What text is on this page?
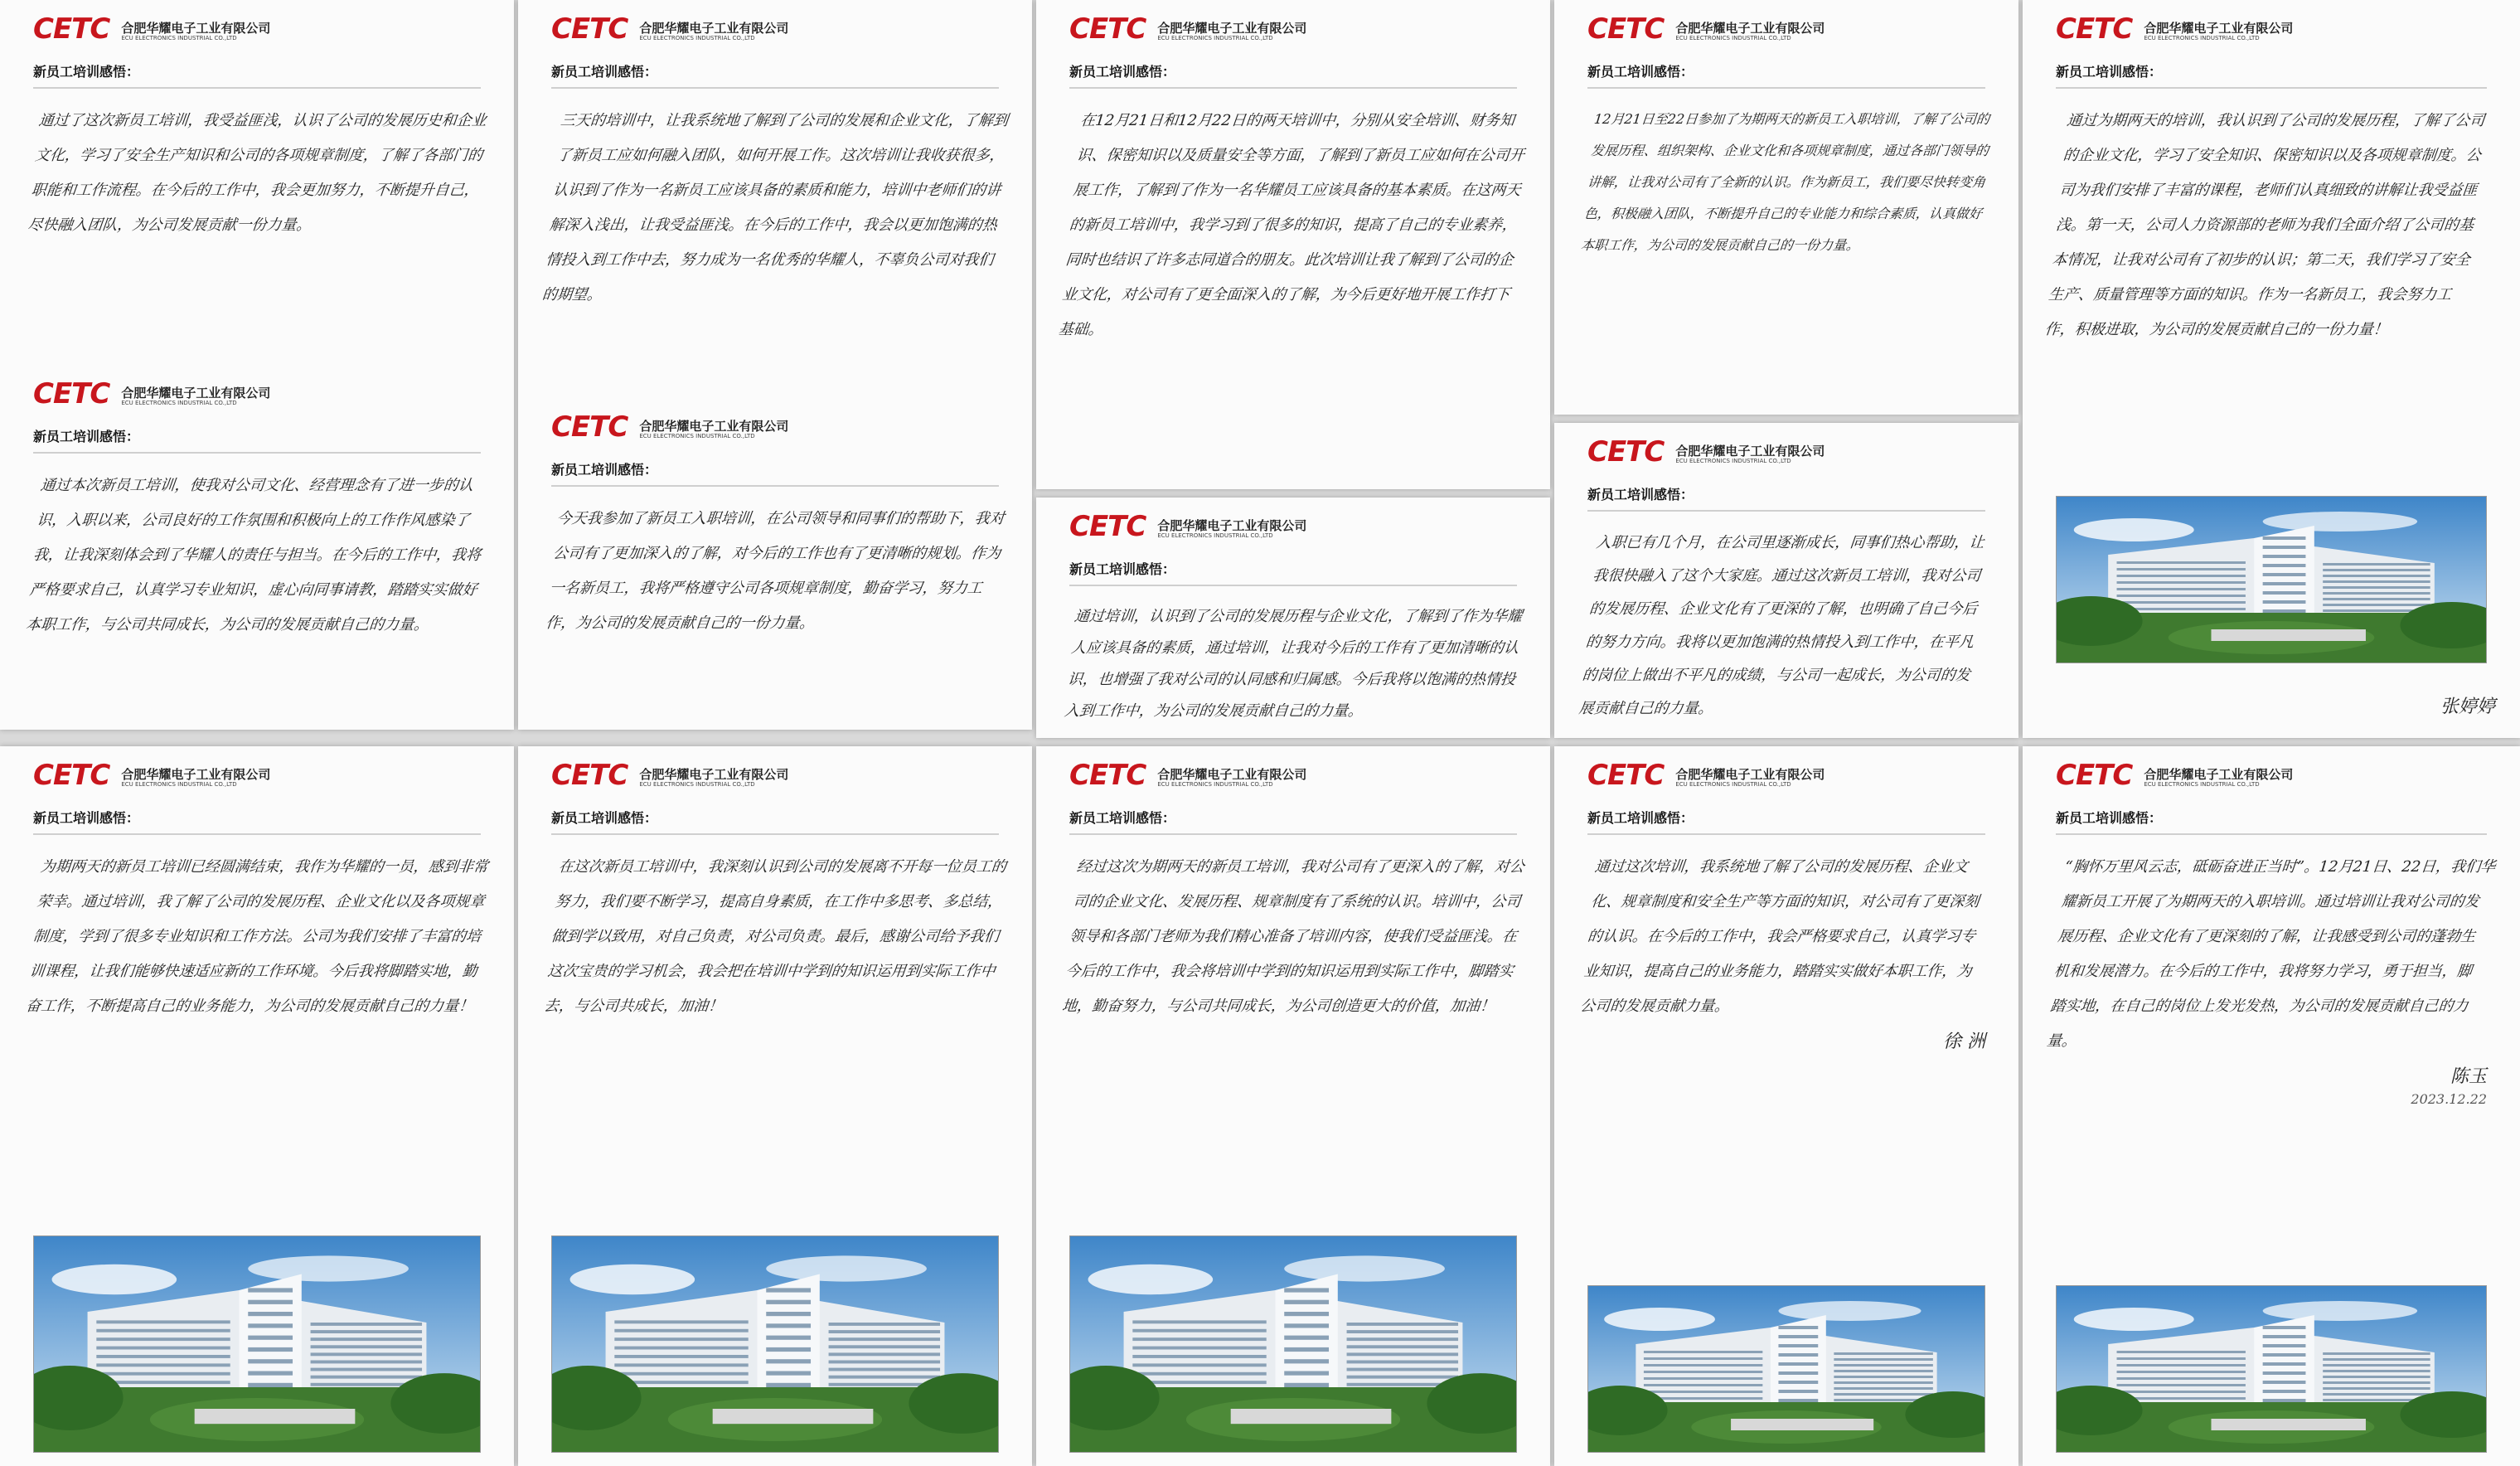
CETC 合肥华耀电子工业有限公司
ECU ELECTRONICS INDUSTRIAL CO.,LTD
新员工培训感悟：
通过了这次新员工培训，我受益匪浅，认识了公司的发展历史和企业文化，学习了安全生产知识和公司的各项规章制度，了解了各部门的职能和工作流程。在今后的工作中，我会更加努力，不断提升自己，尽快融入团队，为公司发展贡献一份力量。
CETC 合肥华耀电子工业有限公司
ECU ELECTRONICS INDUSTRIAL CO.,LTD
新员工培训感悟：
通过本次新员工培训，使我对公司文化、经营理念有了进一步的认识，入职以来，公司良好的工作氛围和积极向上的工作作风感染了我，让我深刻体会到了华耀人的责任与担当。在今后的工作中，我将严格要求自己，认真学习专业知识，虚心向同事请教，踏踏实实做好本职工作，与公司共同成长，为公司的发展贡献自己的力量。
CETC 合肥华耀电子工业有限公司
ECU ELECTRONICS INDUSTRIAL CO.,LTD
新员工培训感悟：
为期两天的新员工培训已经圆满结束，我作为华耀的一员，感到非常荣幸。通过培训，我了解了公司的发展历程、企业文化以及各项规章制度，学到了很多专业知识和工作方法。公司为我们安排了丰富的培训课程，让我们能够快速适应新的工作环境。今后我将脚踏实地，勤奋工作，不断提高自己的业务能力，为公司的发展贡献自己的力量！
CETC 合肥华耀电子工业有限公司
ECU ELECTRONICS INDUSTRIAL CO.,LTD
新员工培训感悟：
三天的培训中，让我系统地了解到了公司的发展和企业文化，了解到了新员工应如何融入团队，如何开展工作。这次培训让我收获很多，认识到了作为一名新员工应该具备的素质和能力，培训中老师们的讲解深入浅出，让我受益匪浅。在今后的工作中，我会以更加饱满的热情投入到工作中去，努力成为一名优秀的华耀人，不辜负公司对我们的期望。
CETC 合肥华耀电子工业有限公司
ECU ELECTRONICS INDUSTRIAL CO.,LTD
新员工培训感悟：
今天我参加了新员工入职培训，在公司领导和同事们的帮助下，我对公司有了更加深入的了解，对今后的工作也有了更清晰的规划。作为一名新员工，我将严格遵守公司各项规章制度，勤奋学习，努力工作，为公司的发展贡献自己的一份力量。
CETC 合肥华耀电子工业有限公司
ECU ELECTRONICS INDUSTRIAL CO.,LTD
新员工培训感悟：
在这次新员工培训中，我深刻认识到公司的发展离不开每一位员工的努力，我们要不断学习，提高自身素质，在工作中多思考、多总结，做到学以致用，对自己负责，对公司负责。最后，感谢公司给予我们这次宝贵的学习机会，我会把在培训中学到的知识运用到实际工作中去，与公司共成长，加油！
CETC 合肥华耀电子工业有限公司
ECU ELECTRONICS INDUSTRIAL CO.,LTD
新员工培训感悟：
在12月21日和12月22日的两天培训中，分别从安全培训、财务知识、保密知识以及质量安全等方面，了解到了新员工应如何在公司开展工作，了解到了作为一名华耀员工应该具备的基本素质。在这两天的新员工培训中，我学习到了很多的知识，提高了自己的专业素养，同时也结识了许多志同道合的朋友。此次培训让我了解到了公司的企业文化，对公司有了更全面深入的了解，为今后更好地开展工作打下基础。
CETC 合肥华耀电子工业有限公司
ECU ELECTRONICS INDUSTRIAL CO.,LTD
新员工培训感悟：
通过培训，认识到了公司的发展历程与企业文化，了解到了作为华耀人应该具备的素质，通过培训，让我对今后的工作有了更加清晰的认识，也增强了我对公司的认同感和归属感。今后我将以饱满的热情投入到工作中，为公司的发展贡献自己的力量。
CETC 合肥华耀电子工业有限公司
ECU ELECTRONICS INDUSTRIAL CO.,LTD
新员工培训感悟：
经过这次为期两天的新员工培训，我对公司有了更深入的了解，对公司的企业文化、发展历程、规章制度有了系统的认识。培训中，公司领导和各部门老师为我们精心准备了培训内容，使我们受益匪浅。在今后的工作中，我会将培训中学到的知识运用到实际工作中，脚踏实地，勤奋努力，与公司共同成长，为公司创造更大的价值，加油！
CETC 合肥华耀电子工业有限公司
ECU ELECTRONICS INDUSTRIAL CO.,LTD
新员工培训感悟：
12月21日至22日参加了为期两天的新员工入职培训，了解了公司的发展历程、组织架构、企业文化和各项规章制度，通过各部门领导的讲解，让我对公司有了全新的认识。作为新员工，我们要尽快转变角色，积极融入团队，不断提升自己的专业能力和综合素质，认真做好本职工作，为公司的发展贡献自己的一份力量。
CETC 合肥华耀电子工业有限公司
ECU ELECTRONICS INDUSTRIAL CO.,LTD
新员工培训感悟：
入职已有几个月，在公司里逐渐成长，同事们热心帮助，让我很快融入了这个大家庭。通过这次新员工培训，我对公司的发展历程、企业文化有了更深的了解，也明确了自己今后的努力方向。我将以更加饱满的热情投入到工作中，在平凡的岗位上做出不平凡的成绩，与公司一起成长，为公司的发展贡献自己的力量。
CETC 合肥华耀电子工业有限公司
ECU ELECTRONICS INDUSTRIAL CO.,LTD
新员工培训感悟：
通过这次培训，我系统地了解了公司的发展历程、企业文化、规章制度和安全生产等方面的知识，对公司有了更深刻的认识。在今后的工作中，我会严格要求自己，认真学习专业知识，提高自己的业务能力，踏踏实实做好本职工作，为公司的发展贡献力量。
徐 洲
CETC 合肥华耀电子工业有限公司
ECU ELECTRONICS INDUSTRIAL CO.,LTD
新员工培训感悟：
通过为期两天的培训，我认识到了公司的发展历程，了解了公司的企业文化，学习了安全知识、保密知识以及各项规章制度。公司为我们安排了丰富的课程，老师们认真细致的讲解让我受益匪浅。第一天，公司人力资源部的老师为我们全面介绍了公司的基本情况，让我对公司有了初步的认识；第二天，我们学习了安全生产、质量管理等方面的知识。作为一名新员工，我会努力工作，积极进取，为公司的发展贡献自己的一份力量！
张婷婷
CETC 合肥华耀电子工业有限公司
ECU ELECTRONICS INDUSTRIAL CO.,LTD
新员工培训感悟：
“胸怀万里风云志，砥砺奋进正当时”。12月21日、22日，我们华耀新员工开展了为期两天的入职培训。通过培训让我对公司的发展历程、企业文化有了更深刻的了解，让我感受到公司的蓬勃生机和发展潜力。在今后的工作中，我将努力学习，勇于担当，脚踏实地，在自己的岗位上发光发热，为公司的发展贡献自己的力量。
陈玉
2023.12.22
